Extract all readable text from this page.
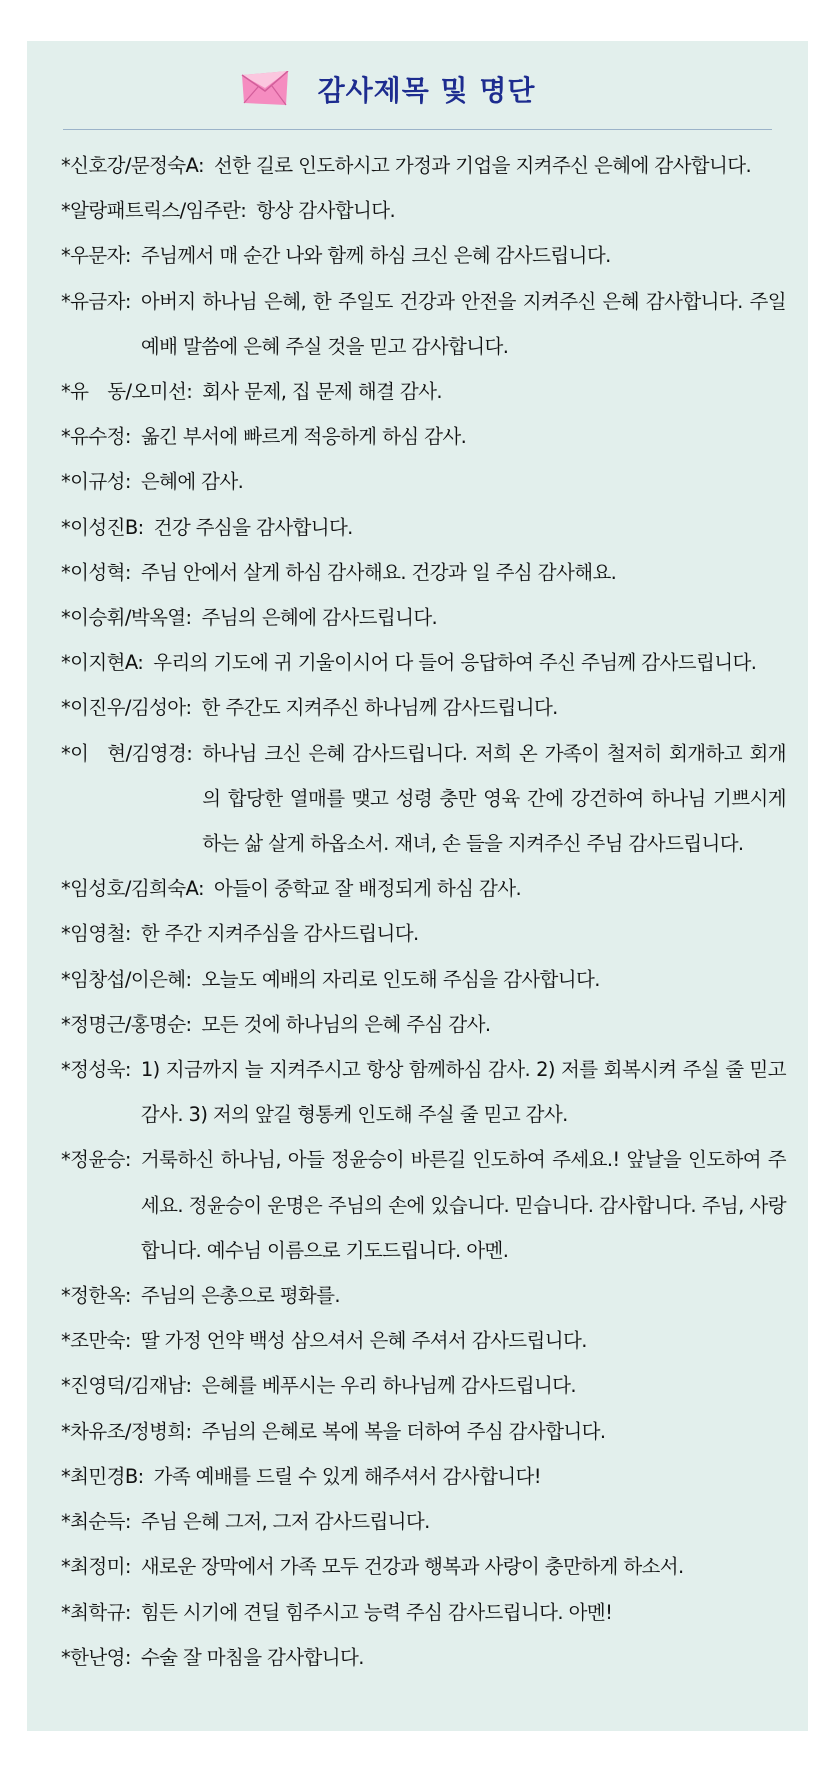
감사제목 및 명단
*신호강/문정숙A: 선한 길로 인도하시고 가정과 기업을 지켜주신 은혜에 감사합니다.
*알랑패트릭스/임주란: 항상 감사합니다.
*우문자: 주님께서 매 순간 나와 함께 하심 크신 은혜 감사드립니다.
*유금자: 아버지 하나님 은혜, 한 주일도 건강과 안전을 지켜주신 은혜 감사합니다. 주일 예배 말씀에 은혜 주실 것을 믿고 감사합니다.
*유　동/오미선: 회사 문제, 집 문제 해결 감사.
*유수정: 옮긴 부서에 빠르게 적응하게 하심 감사.
*이규성: 은혜에 감사.
*이성진B: 건강 주심을 감사합니다.
*이성혁: 주님 안에서 살게 하심 감사해요. 건강과 일 주심 감사해요.
*이승휘/박옥열: 주님의 은혜에 감사드립니다.
*이지현A: 우리의 기도에 귀 기울이시어 다 들어 응답하여 주신 주님께 감사드립니다.
*이진우/김성아: 한 주간도 지켜주신 하나님께 감사드립니다.
*이　현/김영경: 하나님 크신 은혜 감사드립니다. 저희 온 가족이 철저히 회개하고 회개의 합당한 열매를 맺고 성령 충만 영육 간에 강건하여 하나님 기쁘시게 하는 삶 살게 하옵소서. 재녀, 손 들을 지켜주신 주님 감사드립니다.
*임성호/김희숙A: 아들이 중학교 잘 배정되게 하심 감사.
*임영철: 한 주간 지켜주심을 감사드립니다.
*임창섭/이은혜: 오늘도 예배의 자리로 인도해 주심을 감사합니다.
*정명근/홍명순: 모든 것에 하나님의 은혜 주심 감사.
*정성욱: 1) 지금까지 늘 지켜주시고 항상 함께하심 감사. 2) 저를 회복시켜 주실 줄 믿고 감사. 3) 저의 앞길 형통케 인도해 주실 줄 믿고 감사.
*정윤승: 거룩하신 하나님, 아들 정윤승이 바른길 인도하여 주세요.! 앞날을 인도하여 주세요. 정윤승이 운명은 주님의 손에 있습니다. 믿습니다. 감사합니다. 주님, 사랑합니다. 예수님 이름으로 기도드립니다. 아멘.
*정한옥: 주님의 은총으로 평화를.
*조만숙: 딸 가정 언약 백성 삼으셔서 은혜 주셔서 감사드립니다.
*진영덕/김재남: 은혜를 베푸시는 우리 하나님께 감사드립니다.
*차유조/정병희: 주님의 은혜로 복에 복을 더하여 주심 감사합니다.
*최민경B: 가족 예배를 드릴 수 있게 해주셔서 감사합니다!
*최순득: 주님 은혜 그저, 그저 감사드립니다.
*최정미: 새로운 장막에서 가족 모두 건강과 행복과 사랑이 충만하게 하소서.
*최학규: 힘든 시기에 견딜 힘주시고 능력 주심 감사드립니다. 아멘!
*한난영: 수술 잘 마침을 감사합니다.
